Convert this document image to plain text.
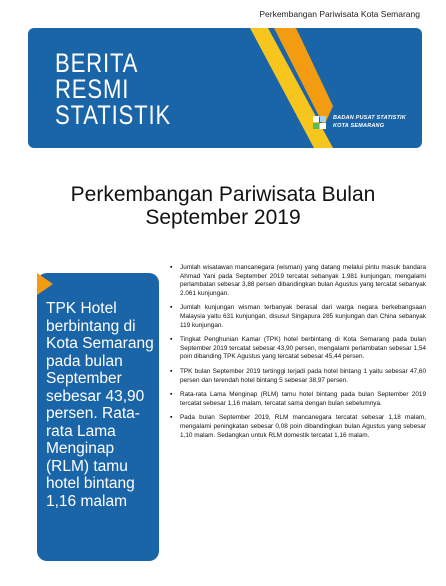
Perkembangan Pariwisata Kota Semarang
BERITA
RESMI
STATISTIK	BADAN PUSAT STATISTIK
KOTA SEMARANG
Perkembangan Pariwisata Bulan
September 2019
TPK Hotel berbintang di Kota Semarang pada bulan September sebesar 43,90 persen. Rata-rata Lama Menginap (RLM) tamu hotel bintang 1,16 malam
▪ Jumlah wisatawan mancanegara (wisman) yang datang melalui pintu masuk bandara Ahmad Yani pada September 2019 tercatat sebanyak 1.981 kunjungan, mengalami perlambatan sebesar 3,88 persen dibandingkan bulan Agustus yang tercatat sebanyak 2.061 kunjungan.
▪ Jumlah kunjungan wisman terbanyak berasal dari warga negara berkebangsaan Malaysia yaitu 631 kunjungan, disusul Singapura 285 kunjungan dan China sebanyak 119 kunjungan.
▪ Tingkat Penghunian Kamar (TPK) hotel berbintang di Kota Semarang pada bulan September 2019 tercatat sebesar 43,90 persen, mengalami perlambatan sebesar 1,54 poin dibanding TPK Agustus yang tercatat sebesar 45,44 persen.
▪ TPK bulan September 2019 tertinggi terjadi pada hotel bintang 1 yaitu sebesar 47,60 persen dan terendah hotel bintang 5 sebesar 38,97 persen.
▪ Rata-rata Lama Menginap (RLM) tamu hotel bintang pada bulan September 2019 tercatat sebesar 1,16 malam, tercatat sama dengan bulan sebelumnya.
▪ Pada bulan September 2019, RLM mancanegara tercatat sebesar 1,18 malam, mengalami peningkatan sebesar 0,08 poin dibandingkan bulan Agustus yang sebesar 1,10 malam. Sedangkan untuk RLM domestik tercatat 1,16 malam.
